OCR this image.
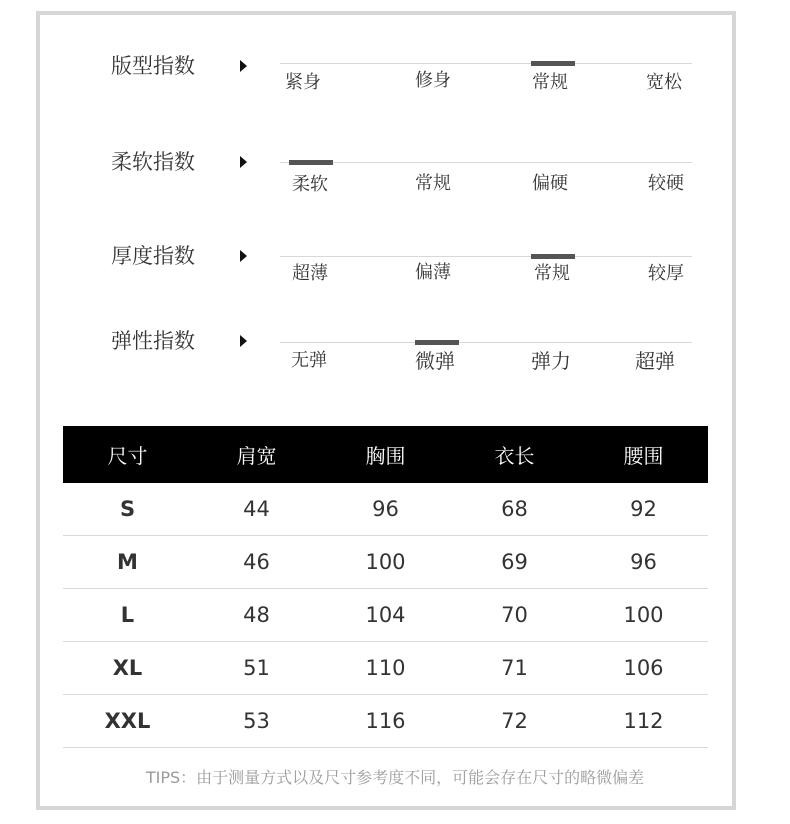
版型指数
紧身	修身	常规	宽松
柔软指数
柔软	常规	偏硬	较硬
厚度指数
超薄	偏薄	常规	较厚
弹性指数
无弹	微弹	弹力	超弹
尺寸	肩宽	胸围	衣长	腰围
S	44	96	68	92
M	46	100	69	96
L	48	104	70	100
XL	51	110	71	106
XXL	53	116	72	112
TIPS：由于测量方式以及尺寸参考度不同，可能会存在尺寸的略微偏差
